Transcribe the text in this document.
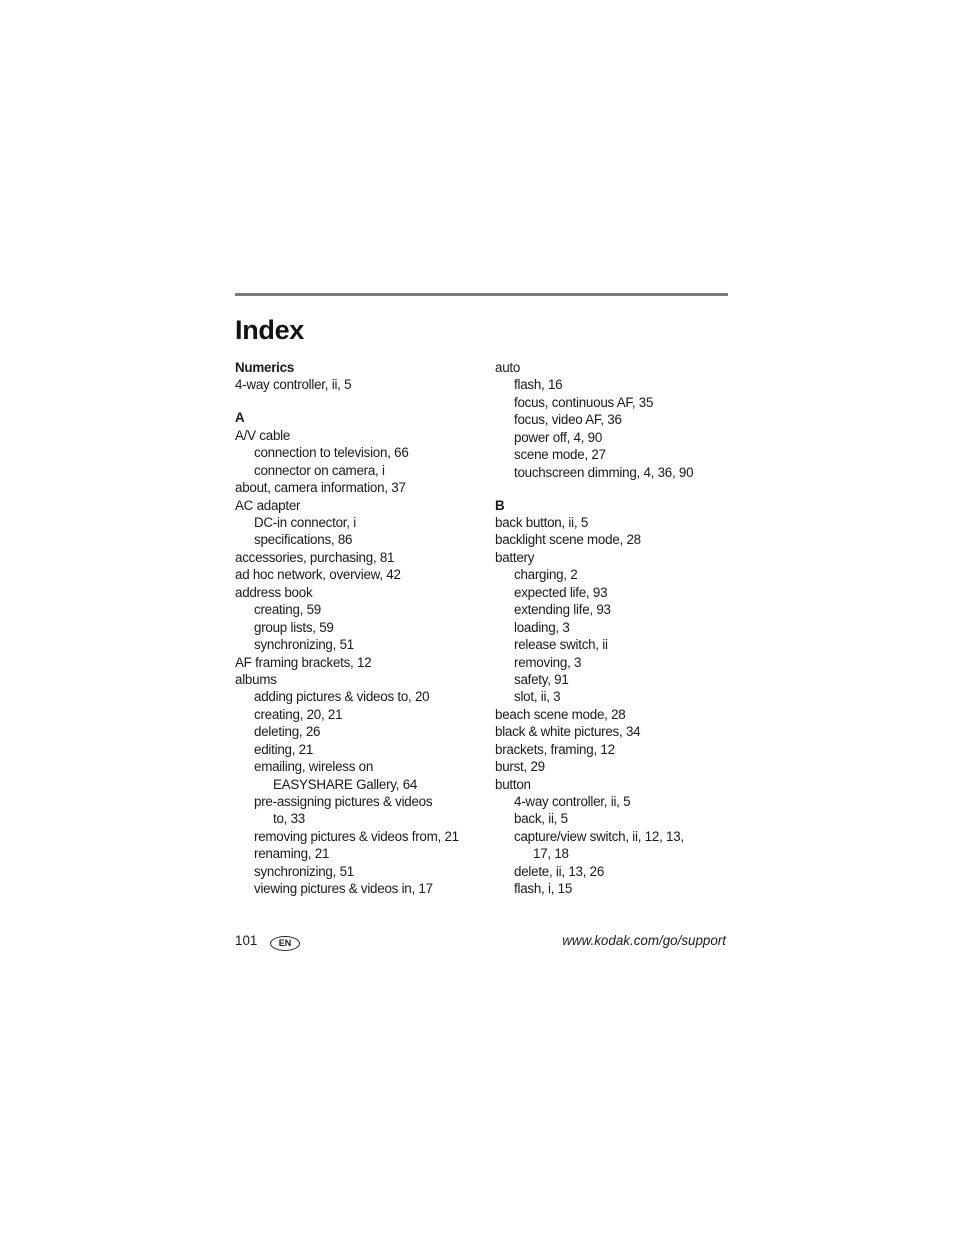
Index
Numerics
4-way controller, ii, 5
A
A/V cable
connection to television, 66
connector on camera, i
about, camera information, 37
AC adapter
DC-in connector, i
specifications, 86
accessories, purchasing, 81
ad hoc network, overview, 42
address book
creating, 59
group lists, 59
synchronizing, 51
AF framing brackets, 12
albums
adding pictures & videos to, 20
creating, 20, 21
deleting, 26
editing, 21
emailing, wireless on
EASYSHARE Gallery, 64
pre-assigning pictures & videos
to, 33
removing pictures & videos from, 21
renaming, 21
synchronizing, 51
viewing pictures & videos in, 17
auto
flash, 16
focus, continuous AF, 35
focus, video AF, 36
power off, 4, 90
scene mode, 27
touchscreen dimming, 4, 36, 90
B
back button, ii, 5
backlight scene mode, 28
battery
charging, 2
expected life, 93
extending life, 93
loading, 3
release switch, ii
removing, 3
safety, 91
slot, ii, 3
beach scene mode, 28
black & white pictures, 34
brackets, framing, 12
burst, 29
button
4-way controller, ii, 5
back, ii, 5
capture/view switch, ii, 12, 13,
17, 18
delete, ii, 13, 26
flash, i, 15
101	EN	www.kodak.com/go/support
